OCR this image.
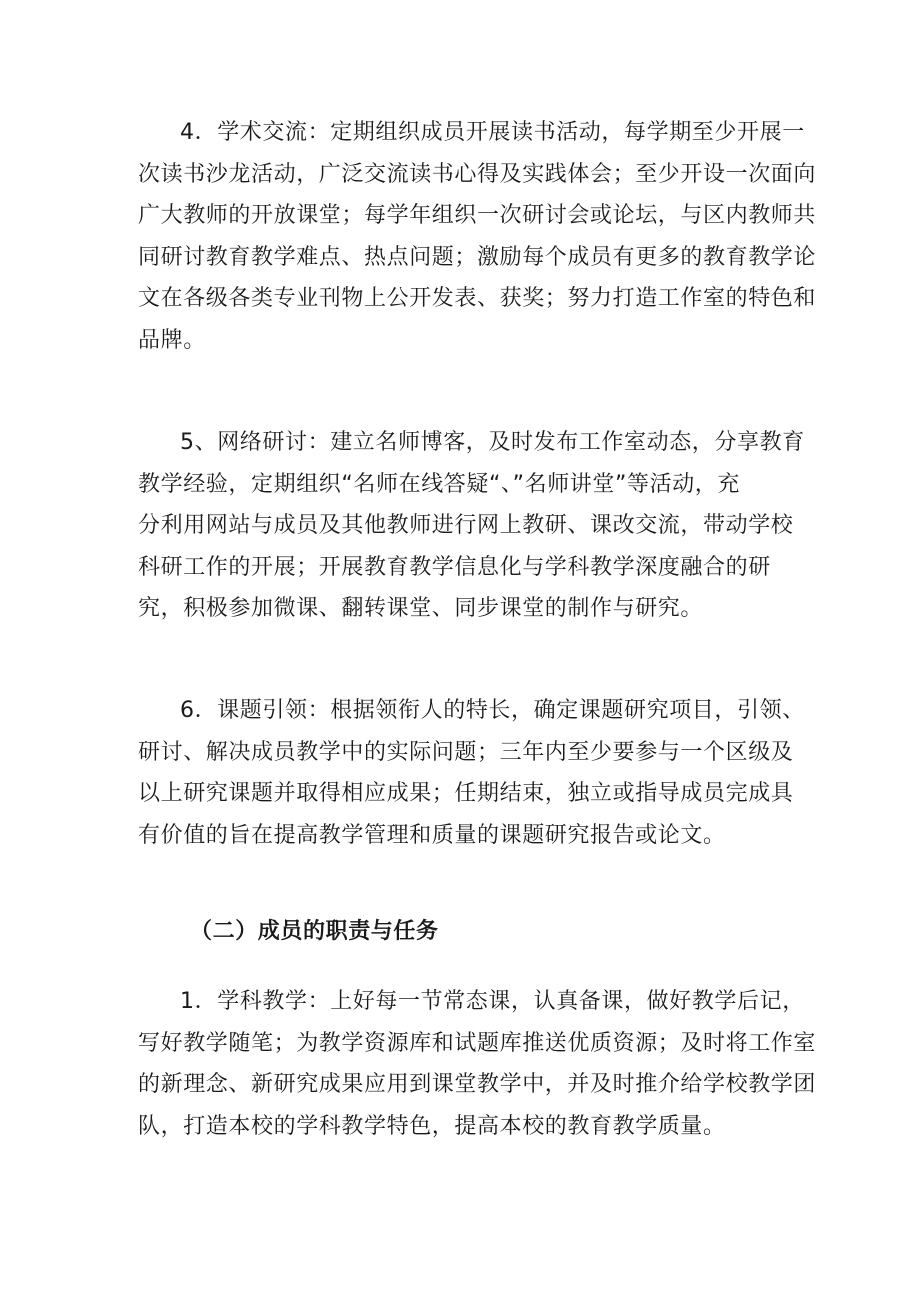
4．学术交流：定期组织成员开展读书活动，每学期至少开展一
次读书沙龙活动，广泛交流读书心得及实践体会；至少开设一次面向
广大教师的开放课堂；每学年组织一次研讨会或论坛，与区内教师共
同研讨教育教学难点、热点问题；激励每个成员有更多的教育教学论
文在各级各类专业刊物上公开发表、获奖；努力打造工作室的特色和
品牌。
5、网络研讨：建立名师博客，及时发布工作室动态，分享教育
教学经验，定期组织“名师在线答疑“、”名师讲堂”等活动，充
分利用网站与成员及其他教师进行网上教研、课改交流，带动学校
科研工作的开展；开展教育教学信息化与学科教学深度融合的研
究，积极参加微课、翻转课堂、同步课堂的制作与研究。
6．课题引领：根据领衔人的特长，确定课题研究项目，引领、
研讨、解决成员教学中的实际问题；三年内至少要参与一个区级及
以上研究课题并取得相应成果；任期结束，独立或指导成员完成具
有价值的旨在提高教学管理和质量的课题研究报告或论文。
（二）成员的职责与任务
1．学科教学：上好每一节常态课，认真备课，做好教学后记，
写好教学随笔；为教学资源库和试题库推送优质资源；及时将工作室
的新理念、新研究成果应用到课堂教学中，并及时推介给学校教学团
队，打造本校的学科教学特色，提高本校的教育教学质量。
